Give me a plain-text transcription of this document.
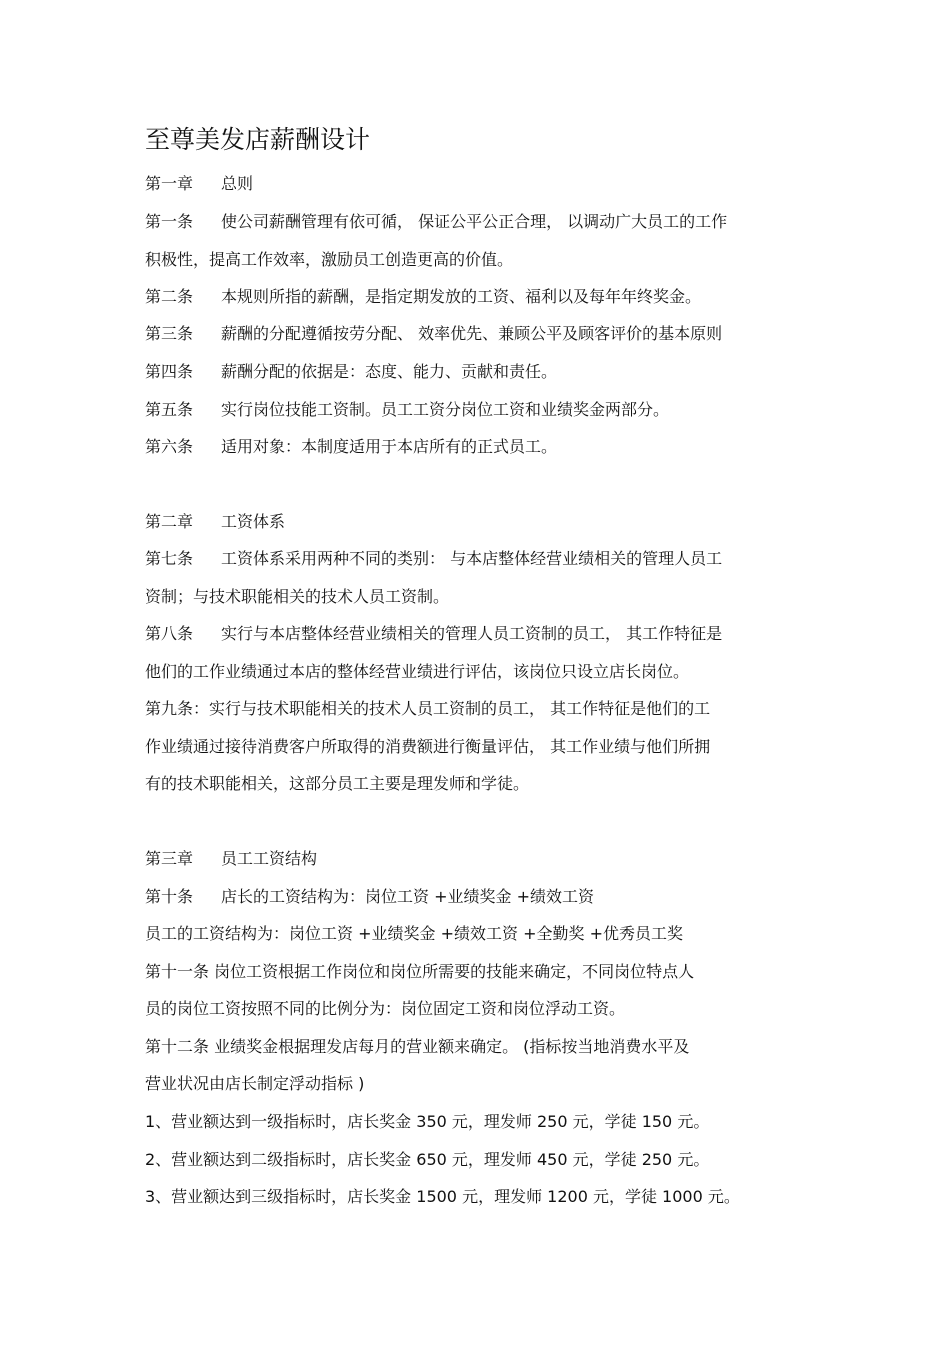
至尊美发店薪酬设计
第一章 总则
第一条 使公司薪酬管理有依可循， 保证公平公正合理， 以调动广大员工的工作
积极性，提高工作效率，激励员工创造更高的价值。
第二条 本规则所指的薪酬，是指定期发放的工资、福利以及每年年终奖金。
第三条 薪酬的分配遵循按劳分配、 效率优先、兼顾公平及顾客评价的基本原则
第四条 薪酬分配的依据是：态度、能力、贡献和责任。
第五条 实行岗位技能工资制。员工工资分岗位工资和业绩奖金两部分。
第六条 适用对象：本制度适用于本店所有的正式员工。
第二章 工资体系
第七条 工资体系采用两种不同的类别： 与本店整体经营业绩相关的管理人员工
资制；与技术职能相关的技术人员工资制。
第八条 实行与本店整体经营业绩相关的管理人员工资制的员工， 其工作特征是
他们的工作业绩通过本店的整体经营业绩进行评估，该岗位只设立店长岗位。
第九条：实行与技术职能相关的技术人员工资制的员工， 其工作特征是他们的工
作业绩通过接待消费客户所取得的消费额进行衡量评估， 其工作业绩与他们所拥
有的技术职能相关，这部分员工主要是理发师和学徒。
第三章 员工工资结构
第十条 店长的工资结构为：岗位工资 +业绩奖金 +绩效工资
员工的工资结构为：岗位工资 +业绩奖金 +绩效工资 +全勤奖 +优秀员工奖
第十一条 岗位工资根据工作岗位和岗位所需要的技能来确定，不同岗位特点人
员的岗位工资按照不同的比例分为：岗位固定工资和岗位浮动工资。
第十二条 业绩奖金根据理发店每月的营业额来确定。 (指标按当地消费水平及
营业状况由店长制定浮动指标 )
1、营业额达到一级指标时，店长奖金 350 元，理发师 250 元，学徒 150 元。
2、营业额达到二级指标时，店长奖金 650 元，理发师 450 元，学徒 250 元。
3、营业额达到三级指标时，店长奖金 1500 元，理发师 1200 元，学徒 1000 元。
